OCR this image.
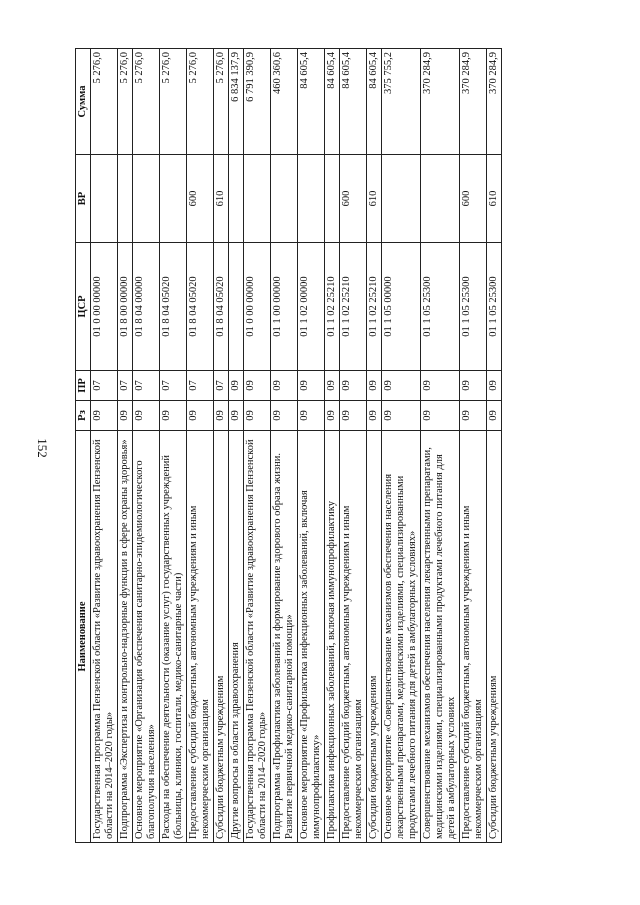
152
Наименование	Рз	ПР	ЦСР	ВР	Сумма
Государственная программа Пензенской области «Развитие здравоохранения Пензенской области на 2014–2020 годы»	09	07	01 0 00 00000		5 276,0
Подпрограмма «Экспертиза и контрольно-надзорные функции в сфере охраны здоровья»	09	07	01 8 00 00000		5 276,0
Основное мероприятие «Организация обеспечения санитарно-эпидемиологического благополучия населения»	09	07	01 8 04 00000		5 276,0
Расходы на обеспечение деятельности (оказание услуг) государственных учреждений (больницы, клиники, госпитали, медико-санитарные части)	09	07	01 8 04 05020		5 276,0
Предоставление субсидий бюджетным, автономным учреждениям и иным некоммерческим организациям	09	07	01 8 04 05020	600	5 276,0
Субсидии бюджетным учреждениям	09	07	01 8 04 05020	610	5 276,0
Другие вопросы в области здравоохранения	09	09			6 834 137,9
Государственная программа Пензенской области «Развитие здравоохранения Пензенской области на 2014–2020 годы»	09	09	01 0 00 00000		6 791 390,9
Подпрограмма «Профилактика заболеваний и формирование здорового образа жизни. Развитие первичной медико-санитарной помощи»	09	09	01 1 00 00000		460 360,6
Основное мероприятие «Профилактика инфекционных заболеваний, включая иммунопрофилактику»	09	09	01 1 02 00000		84 605,4
Профилактика инфекционных заболеваний, включая иммунопрофилактику	09	09	01 1 02 25210		84 605,4
Предоставление субсидий бюджетным, автономным учреждениям и иным некоммерческим организациям	09	09	01 1 02 25210	600	84 605,4
Субсидии бюджетным учреждениям	09	09	01 1 02 25210	610	84 605,4
Основное мероприятие «Совершенствование механизмов обеспечения населения лекарственными препаратами, медицинскими изделиями, специализированными продуктами лечебного питания для детей в амбулаторных условиях»	09	09	01 1 05 00000		375 755,2
Совершенствование механизмов обеспечения населения лекарственными препаратами, медицинскими изделиями, специализированными продуктами лечебного питания для детей в амбулаторных условиях	09	09	01 1 05 25300		370 284,9
Предоставление субсидий бюджетным, автономным учреждениям и иным некоммерческим организациям	09	09	01 1 05 25300	600	370 284,9
Субсидии бюджетным учреждениям	09	09	01 1 05 25300	610	370 284,9
